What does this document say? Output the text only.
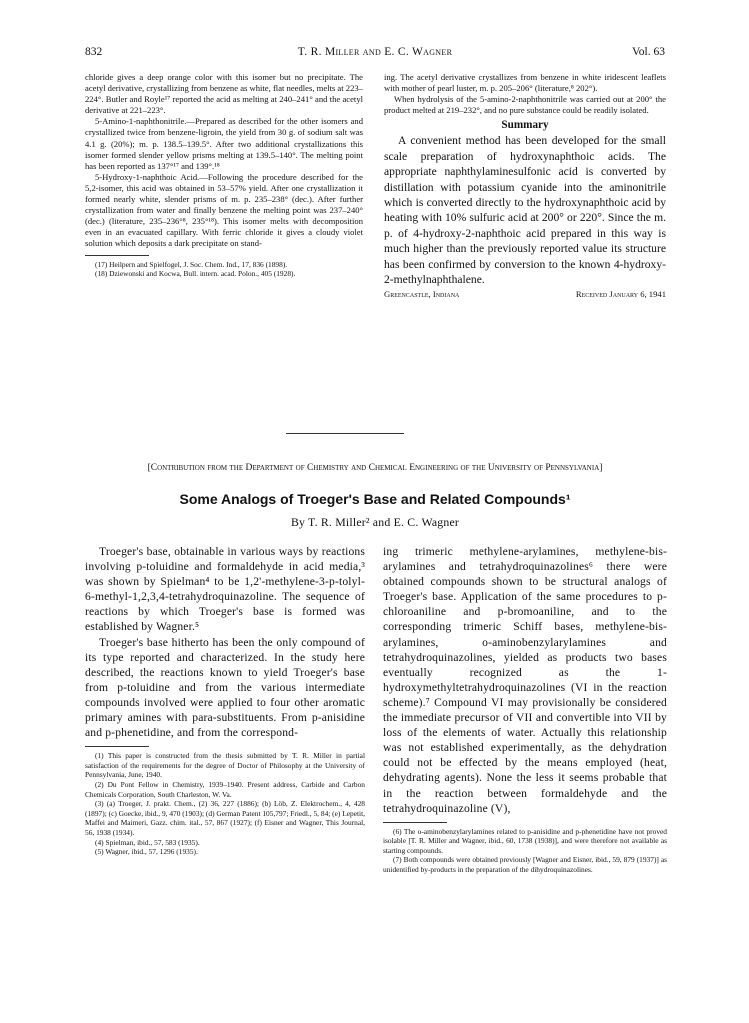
832	T. R. Miller and E. C. Wagner	Vol. 63

chloride gives a deep orange color with this isomer but no precipitate. The acetyl derivative, crystallizing from benzene as white, flat needles, melts at 223–224°. Butler and Royle¹⁷ reported the acid as melting at 240–241° and the acetyl derivative at 221–223°.

5-Amino-1-naphthonitrile.—Prepared as described for the other isomers and crystallized twice from benzene-ligroin, the yield from 30 g. of sodium salt was 4.1 g. (20%); m. p. 138.5–139.5°. After two additional crystallizations this isomer formed slender yellow prisms melting at 139.5–140°. The melting point has been reported as 137°¹⁷ and 139°.¹⁸

5-Hydroxy-1-naphthoic Acid.—Following the procedure described for the 5,2-isomer, this acid was obtained in 53–57% yield. After one crystallization it formed nearly white, slender prisms of m. p. 235–238° (dec.). After further crystallization from water and finally benzene the melting point was 237–240° (dec.) (literature, 235–236°⁸, 235°¹⁸). This isomer melts with decomposition even in an evacuated capillary. With ferric chloride it gives a cloudy violet solution which deposits a dark precipitate on stand-

(17) Heilpern and Spielfogel, J. Soc. Chem. Ind., 17, 836 (1898).

(18) Dziewonski and Kocwa, Bull. intern. acad. Polon., 405 (1928).

ing. The acetyl derivative crystallizes from benzene in white iridescent leaflets with mother of pearl luster, m. p. 205–206° (literature,⁸ 202°).

When hydrolysis of the 5-amino-2-naphthonitrile was carried out at 200° the product melted at 219–232°, and no pure substance could be readily isolated.

Summary

A convenient method has been developed for the small scale preparation of hydroxynaphthoic acids. The appropriate naphthylaminesulfonic acid is converted by distillation with potassium cyanide into the aminonitrile which is converted directly to the hydroxynaphthoic acid by heating with 10% sulfuric acid at 200° or 220°. Since the m. p. of 4-hydroxy-2-naphthoic acid prepared in this way is much higher than the previously reported value its structure has been confirmed by conversion to the known 4-hydroxy-2-methylnaphthalene.

Greencastle, Indiana	Received January 6, 1941
[Contribution from the Department of Chemistry and Chemical Engineering of the University of Pennsylvania]
Some Analogs of Troeger's Base and Related Compounds¹
By T. R. Miller² and E. C. Wagner

Troeger's base, obtainable in various ways by reactions involving p-toluidine and formaldehyde in acid media,³ was shown by Spielman⁴ to be 1,2'-methylene-3-p-tolyl-6-methyl-1,2,3,4-tetrahydroquinazoline. The sequence of reactions by which Troeger's base is formed was established by Wagner.⁵

Troeger's base hitherto has been the only compound of its type reported and characterized. In the study here described, the reactions known to yield Troeger's base from p-toluidine and from the various intermediate compounds involved were applied to four other aromatic primary amines with para-substituents. From p-anisidine and p-phenetidine, and from the correspond-

(1) This paper is constructed from the thesis submitted by T. R. Miller in partial satisfaction of the requirements for the degree of Doctor of Philosophy at the University of Pennsylvania, June, 1940.

(2) Du Pont Fellow in Chemistry, 1939–1940. Present address, Carbide and Carbon Chemicals Corporation, South Charleston, W. Va.

(3) (a) Troeger, J. prakt. Chem., (2) 36, 227 (1886); (b) Löb, Z. Elektrochem., 4, 428 (1897); (c) Goecke, ibid., 9, 470 (1903); (d) German Patent 105,797; Friedl., 5, 84; (e) Lepetit, Maffei and Maimeri, Gazz. chim. ital., 57, 867 (1927); (f) Eisner and Wagner, This Journal, 56, 1938 (1934).

(4) Spielman, ibid., 57, 583 (1935).

(5) Wagner, ibid., 57, 1296 (1935).

ing trimeric methylene-arylamines, methylene-bis-arylamines and tetrahydroquinazolines⁶ there were obtained compounds shown to be structural analogs of Troeger's base. Application of the same procedures to p-chloroaniline and p-bromoaniline, and to the corresponding trimeric Schiff bases, methylene-bis-arylamines, o-aminobenzylarylamines and tetrahydroquinazolines, yielded as products two bases eventually recognized as the 1-hydroxymethyltetrahydroquinazolines (VI in the reaction scheme).⁷ Compound VI may provisionally be considered the immediate precursor of VII and convertible into VII by loss of the elements of water. Actually this relationship was not established experimentally, as the dehydration could not be effected by the means employed (heat, dehydrating agents). None the less it seems probable that in the reaction between formaldehyde and the tetrahydroquinazoline (V),

(6) The o-aminobenzylarylamines related to p-anisidine and p-phenetidine have not proved isolable [T. R. Miller and Wagner, ibid., 60, 1738 (1938)], and were therefore not available as starting compounds.

(7) Both compounds were obtained previously [Wagner and Eisner, ibid., 59, 879 (1937)] as unidentified by-products in the preparation of the dihydroquinazolines.
